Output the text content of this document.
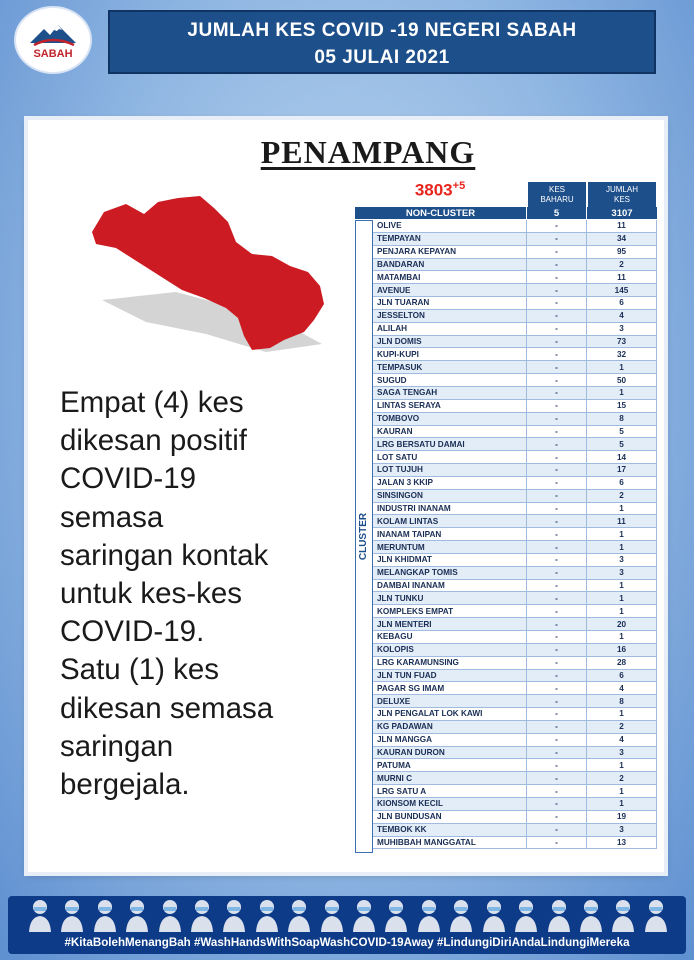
SABAH
JUMLAH KES COVID -19 NEGERI SABAH
05 JULAI 2021
PENAMPANG
$3803^{+5}$
Empat (4) kes
dikesan positif
COVID-19
semasa
saringan kontak
untuk kes-kes
COVID-19.
Satu (1) kes
dikesan semasa
saringan
bergejala.
KES
BAHARU
JUMLAH
KES
NON-CLUSTER	5	3107
CLUSTER
OLIVE	-	11
TEMPAYAN	-	34
PENJARA KEPAYAN	-	95
BANDARAN	-	2
MATAMBAI	-	11
AVENUE	-	145
JLN TUARAN	-	6
JESSELTON	-	4
ALILAH	-	3
JLN DOMIS	-	73
KUPI-KUPI	-	32
TEMPASUK	-	1
SUGUD	-	50
SAGA TENGAH	-	1
LINTAS SERAYA	-	15
TOMBOVO	-	8
KAURAN	-	5
LRG BERSATU DAMAI	-	5
LOT SATU	-	14
LOT TUJUH	-	17
JALAN 3 KKIP	-	6
SINSINGON	-	2
INDUSTRI INANAM	-	1
KOLAM LINTAS	-	11
INANAM TAIPAN	-	1
MERUNTUM	-	1
JLN KHIDMAT	-	3
MELANGKAP TOMIS	-	3
DAMBAI INANAM	-	1
JLN TUNKU	-	1
KOMPLEKS EMPAT	-	1
JLN MENTERI	-	20
KEBAGU	-	1
KOLOPIS	-	16
LRG KARAMUNSING	-	28
JLN TUN FUAD	-	6
PAGAR SG IMAM	-	4
DELUXE	-	8
JLN PENGALAT LOK KAWI	-	1
KG PADAWAN	-	2
JLN MANGGA	-	4
KAURAN DURON	-	3
PATUMA	-	1
MURNI C	-	2
LRG SATU A	-	1
KIONSOM KECIL	-	1
JLN BUNDUSAN	-	19
TEMBOK KK	-	3
MUHIBBAH MANGGATAL	-	13
#KitaBolehMenangBah #WashHandsWithSoapWashCOVID-19Away #LindungiDiriAndaLindungiMereka
